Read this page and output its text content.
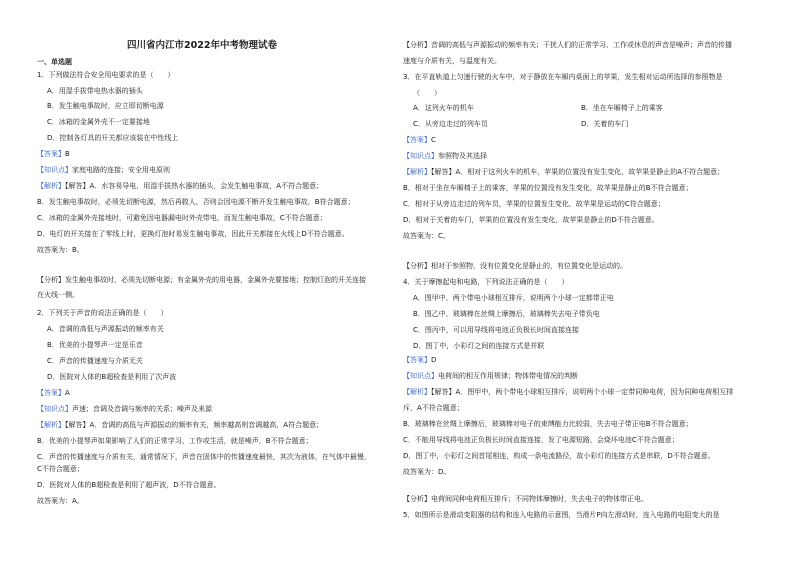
四川省内江市2022年中考物理试卷
一、单选题
1．下列做法符合安全用电要求的是（　　）
A．用湿手拔带电热水器的插头
B．发生触电事故时，应立即切断电源
C．冰箱的金属外壳不一定要接地
D．控制各灯具的开关都应该装在中性线上
【答案】B
【知识点】家庭电路的连接；安全用电原则
【解析】【解答】A．水容易导电，用湿手拔热水器的插头，会发生触电事故，A不符合题意；
B．发生触电事故时，必须先切断电源，然后再救人，否则会因电源不断开发生触电事故，B符合题意；
C．冰箱的金属外壳接地时，可避免因电器漏电时外壳带电，而发生触电事故，C不符合题意；
D．电灯的开关接在了零线上时，更换灯泡时易发生触电事故，因此开关都接在火线上D不符合题意。
故答案为：B。
【分析】发生触电事故时，必须先切断电源；有金属外壳的用电器，金属外壳要接地；控制灯泡的开关连接
在火线一侧。
2．下列关于声音的说法正确的是（　　）
A．音调的高低与声源振动的频率有关
B．优美的小提琴声一定是乐音
C．声音的传播速度与介质无关
D．医院对人体的B超检查是利用了次声波
【答案】A
【知识点】声速；音调及音调与频率的关系；噪声及来源
【解析】【解答】A．音调的高低与声源振动的频率有关，频率越高则音调越高，A符合题意；
B．优美的小提琴声如果影响了人们的正常学习、工作或生活，就是噪声，B不符合题意；
C．声音的传播速度与介质有关，通常情况下，声音在固体中的传播速度最快，其次为液体，在气体中最慢，
C不符合题意；
D．医院对人体的B超检查是利用了超声波，D不符合题意。
故答案为：A。
【分析】音调的高低与声源振动的频率有关；干扰人们的正常学习、工作或休息的声音是噪声；声音的传播
速度与介质有关，与温度有关。
3．在平直轨道上匀速行驶的火车中，对于静放在车厢内桌面上的苹果，发生相对运动所选择的参照物是
（　　）
A．这列火车的机车	B．坐在车厢椅子上的乘客
C．从旁边走过的列车员	D．关着的车门
【答案】C
【知识点】参照物及其选择
【解析】【解答】A．相对于这列火车的机车，苹果的位置没有发生变化，故苹果是静止的A不符合题意；
B．相对于坐在车厢椅子上的乘客，苹果的位置没有发生变化，故苹果是静止的B不符合题意；
C．相对于从旁边走过的列车员，苹果的位置发生变化，故苹果是运动的C符合题意；
D．相对于关着的车门，苹果的位置没有发生变化，故苹果是静止的D不符合题意。
故答案为：C。
【分析】相对于参照物，没有位置变化是静止的，有位置变化是运动的。
4．关于摩擦起电和电路，下列说法正确的是（　　）
A．图甲中，两个带电小球相互排斥，说明两个小球一定都带正电
B．图乙中，玻璃棒在丝绸上摩擦后，玻璃棒失去电子带负电
C．图丙中，可以用导线将电池正负极长时间直接连接
D．图丁中，小彩灯之间的连接方式是并联
【答案】D
【知识点】电荷间的相互作用规律；物体带电情况的判断
【解析】【解答】A．图甲中，两个带电小球相互排斥，说明两个小球一定带同种电荷，因为同种电荷相互排
斥，A不符合题意；
B．玻璃棒在丝绸上摩擦后，玻璃棒对电子的束缚能力比较弱，失去电子带正电B不符合题意；
C．不能用导线将电池正负极长时间直接连接，发了电源短路，会烧坏电池C不符合题意；
D．图丁中，小彩灯之间首尾相连，构成一条电流路径，故小彩灯的连接方式是串联，D不符合题意。
故答案为：D。
【分析】电荷间同种电荷相互排斥；不同物体摩擦时，失去电子的物体带正电。
5．如图所示是滑动变阻器的结构和连入电路的示意图，当滑片P向左滑动时，连入电路的电阻变大的是
